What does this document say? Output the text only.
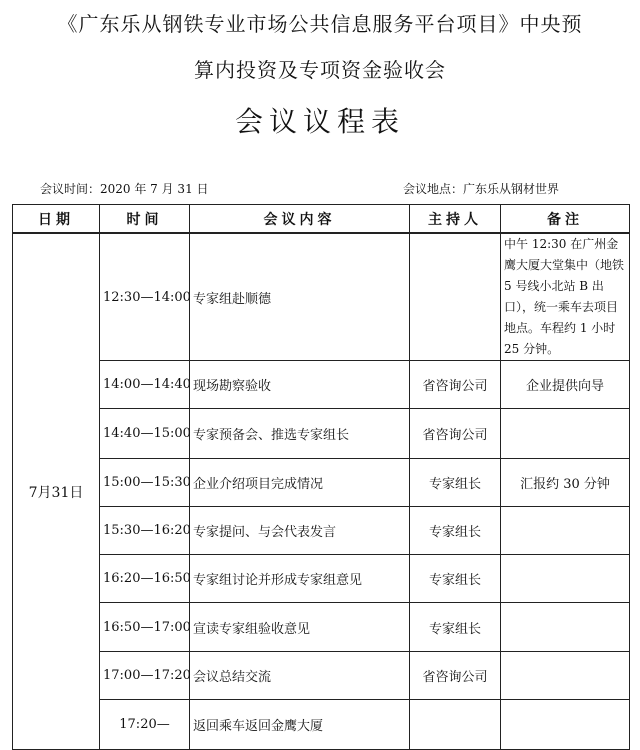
《广东乐从钢铁专业市场公共信息服务平台项目》中央预
算内投资及专项资金验收会
会议议程表
会议时间：2020 年 7 月 31 日	会议地点：广东乐从钢材世界
日期	时间	会议内容	主持人	备注
7月31日	12:30—14:00	专家组赴顺德		中午 12:30 在广州金鹰大厦大堂集中（地铁 5 号线小北站 B 出口），统一乘车去项目地点。车程约 1 小时 25 分钟。
	14:00—14:40	现场勘察验收	省咨询公司	企业提供向导
	14:40—15:00	专家预备会、推选专家组长	省咨询公司	
	15:00—15:30	企业介绍项目完成情况	专家组长	汇报约 30 分钟
	15:30—16:20	专家提问、与会代表发言	专家组长	
	16:20—16:50	专家组讨论并形成专家组意见	专家组长	
	16:50—17:00	宣读专家组验收意见	专家组长	
	17:00—17:20	会议总结交流	省咨询公司	
	17:20—	返回乘车返回金鹰大厦		
